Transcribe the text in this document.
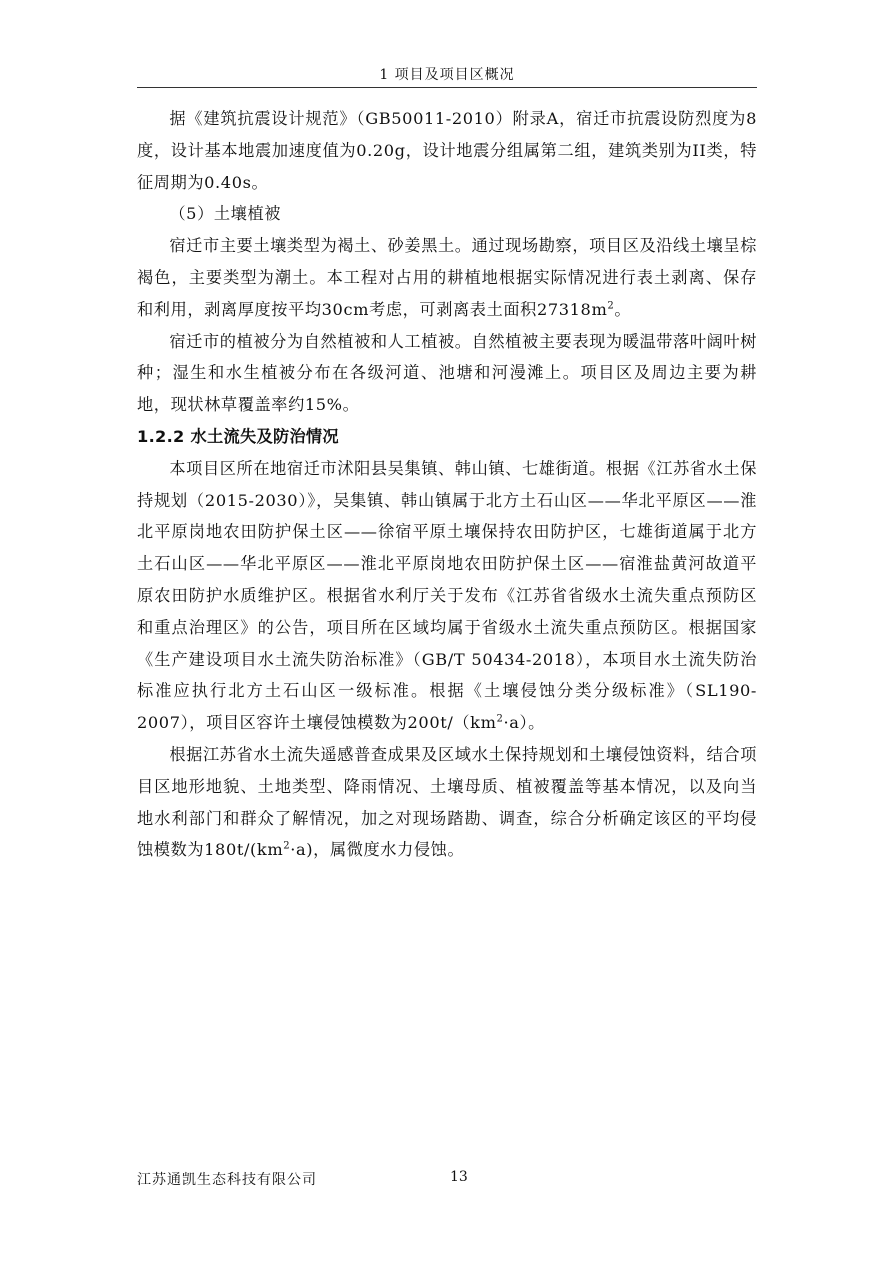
1 项目及项目区概况

据《建筑抗震设计规范》（GB50011-2010）附录A，宿迁市抗震设防烈度为8度，设计基本地震加速度值为0.20g，设计地震分组属第二组，建筑类别为II类，特征周期为0.40s。

（5）土壤植被

宿迁市主要土壤类型为褐土、砂姜黑土。通过现场勘察，项目区及沿线土壤呈棕褐色，主要类型为潮土。本工程对占用的耕植地根据实际情况进行表土剥离、保存和利用，剥离厚度按平均30cm考虑，可剥离表土面积$27318m^2$。

宿迁市的植被分为自然植被和人工植被。自然植被主要表现为暖温带落叶阔叶树种；湿生和水生植被分布在各级河道、池塘和河漫滩上。项目区及周边主要为耕地，现状林草覆盖率约15%。

1.2.2 水土流失及防治情况

本项目区所在地宿迁市沭阳县吴集镇、韩山镇、七雄街道。根据《江苏省水土保持规划（2015-2030）》，吴集镇、韩山镇属于北方土石山区——华北平原区——淮北平原岗地农田防护保土区——徐宿平原土壤保持农田防护区，七雄街道属于北方土石山区——华北平原区——淮北平原岗地农田防护保土区——宿淮盐黄河故道平原农田防护水质维护区。根据省水利厅关于发布《江苏省省级水土流失重点预防区和重点治理区》的公告，项目所在区域均属于省级水土流失重点预防区。根据国家《生产建设项目水土流失防治标准》（GB/T 50434-2018），本项目水土流失防治标准应执行北方土石山区一级标准。根据《土壤侵蚀分类分级标准》（SL190-2007），项目区容许土壤侵蚀模数为$200t/(km^2\cdot a)$。

根据江苏省水土流失遥感普查成果及区域水土保持规划和土壤侵蚀资料，结合项目区地形地貌、土地类型、降雨情况、土壤母质、植被覆盖等基本情况，以及向当地水利部门和群众了解情况，加之对现场踏勘、调查，综合分析确定该区的平均侵蚀模数为$180t/(km^2\cdot a)$，属微度水力侵蚀。

江苏通凯生态科技有限公司	13
